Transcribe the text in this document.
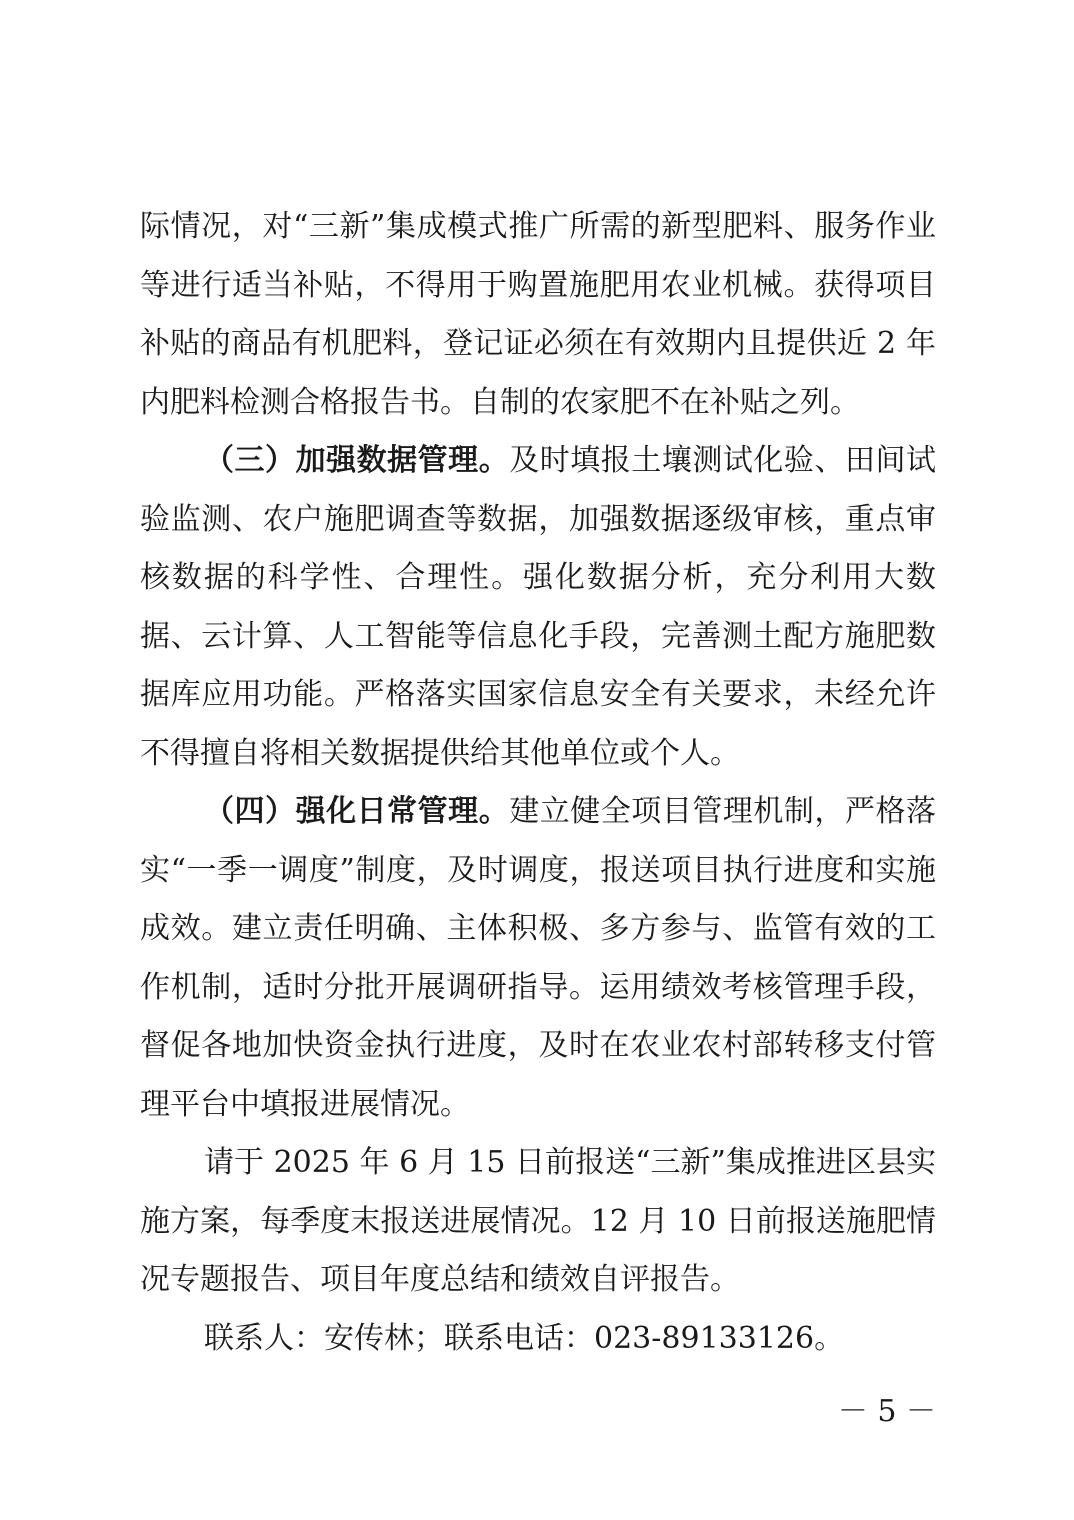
际情况，对“三新”集成模式推广所需的新型肥料、服务作业等进行适当补贴，不得用于购置施肥用农业机械。获得项目补贴的商品有机肥料，登记证必须在有效期内且提供近 2 年内肥料检测合格报告书。自制的农家肥不在补贴之列。

（三）加强数据管理。及时填报土壤测试化验、田间试验监测、农户施肥调查等数据，加强数据逐级审核，重点审核数据的科学性、合理性。强化数据分析，充分利用大数据、云计算、人工智能等信息化手段，完善测土配方施肥数据库应用功能。严格落实国家信息安全有关要求，未经允许不得擅自将相关数据提供给其他单位或个人。

（四）强化日常管理。建立健全项目管理机制，严格落实“一季一调度”制度，及时调度，报送项目执行进度和实施成效。建立责任明确、主体积极、多方参与、监管有效的工作机制，适时分批开展调研指导。运用绩效考核管理手段，督促各地加快资金执行进度，及时在农业农村部转移支付管理平台中填报进展情况。

请于 2025 年 6 月 15 日前报送“三新”集成推进区县实施方案，每季度末报送进展情况。12 月 10 日前报送施肥情况专题报告、项目年度总结和绩效自评报告。

联系人：安传林；联系电话：023-89133126。

－ 5 －
